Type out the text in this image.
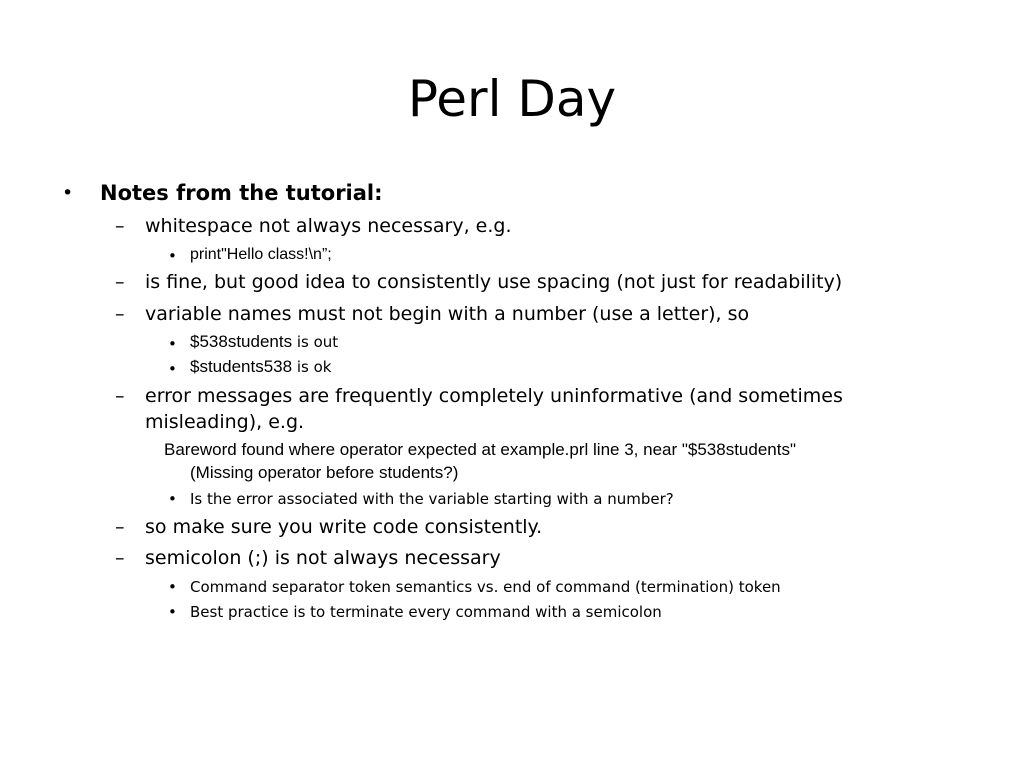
Perl Day
• Notes from the tutorial:
– whitespace not always necessary, e.g.
• print"Hello class!\n”;
– is fine, but good idea to consistently use spacing (not just for readability)
– variable names must not begin with a number (use a letter), so
• $538students is out
• $students538 is ok
– error messages are frequently completely uninformative (and sometimes
misleading), e.g.
Bareword found where operator expected at example.prl line 3, near "$538students"
(Missing operator before students?)
• Is the error associated with the variable starting with a number?
– so make sure you write code consistently.
– semicolon (;) is not always necessary
• Command separator token semantics vs. end of command (termination) token
• Best practice is to terminate every command with a semicolon
